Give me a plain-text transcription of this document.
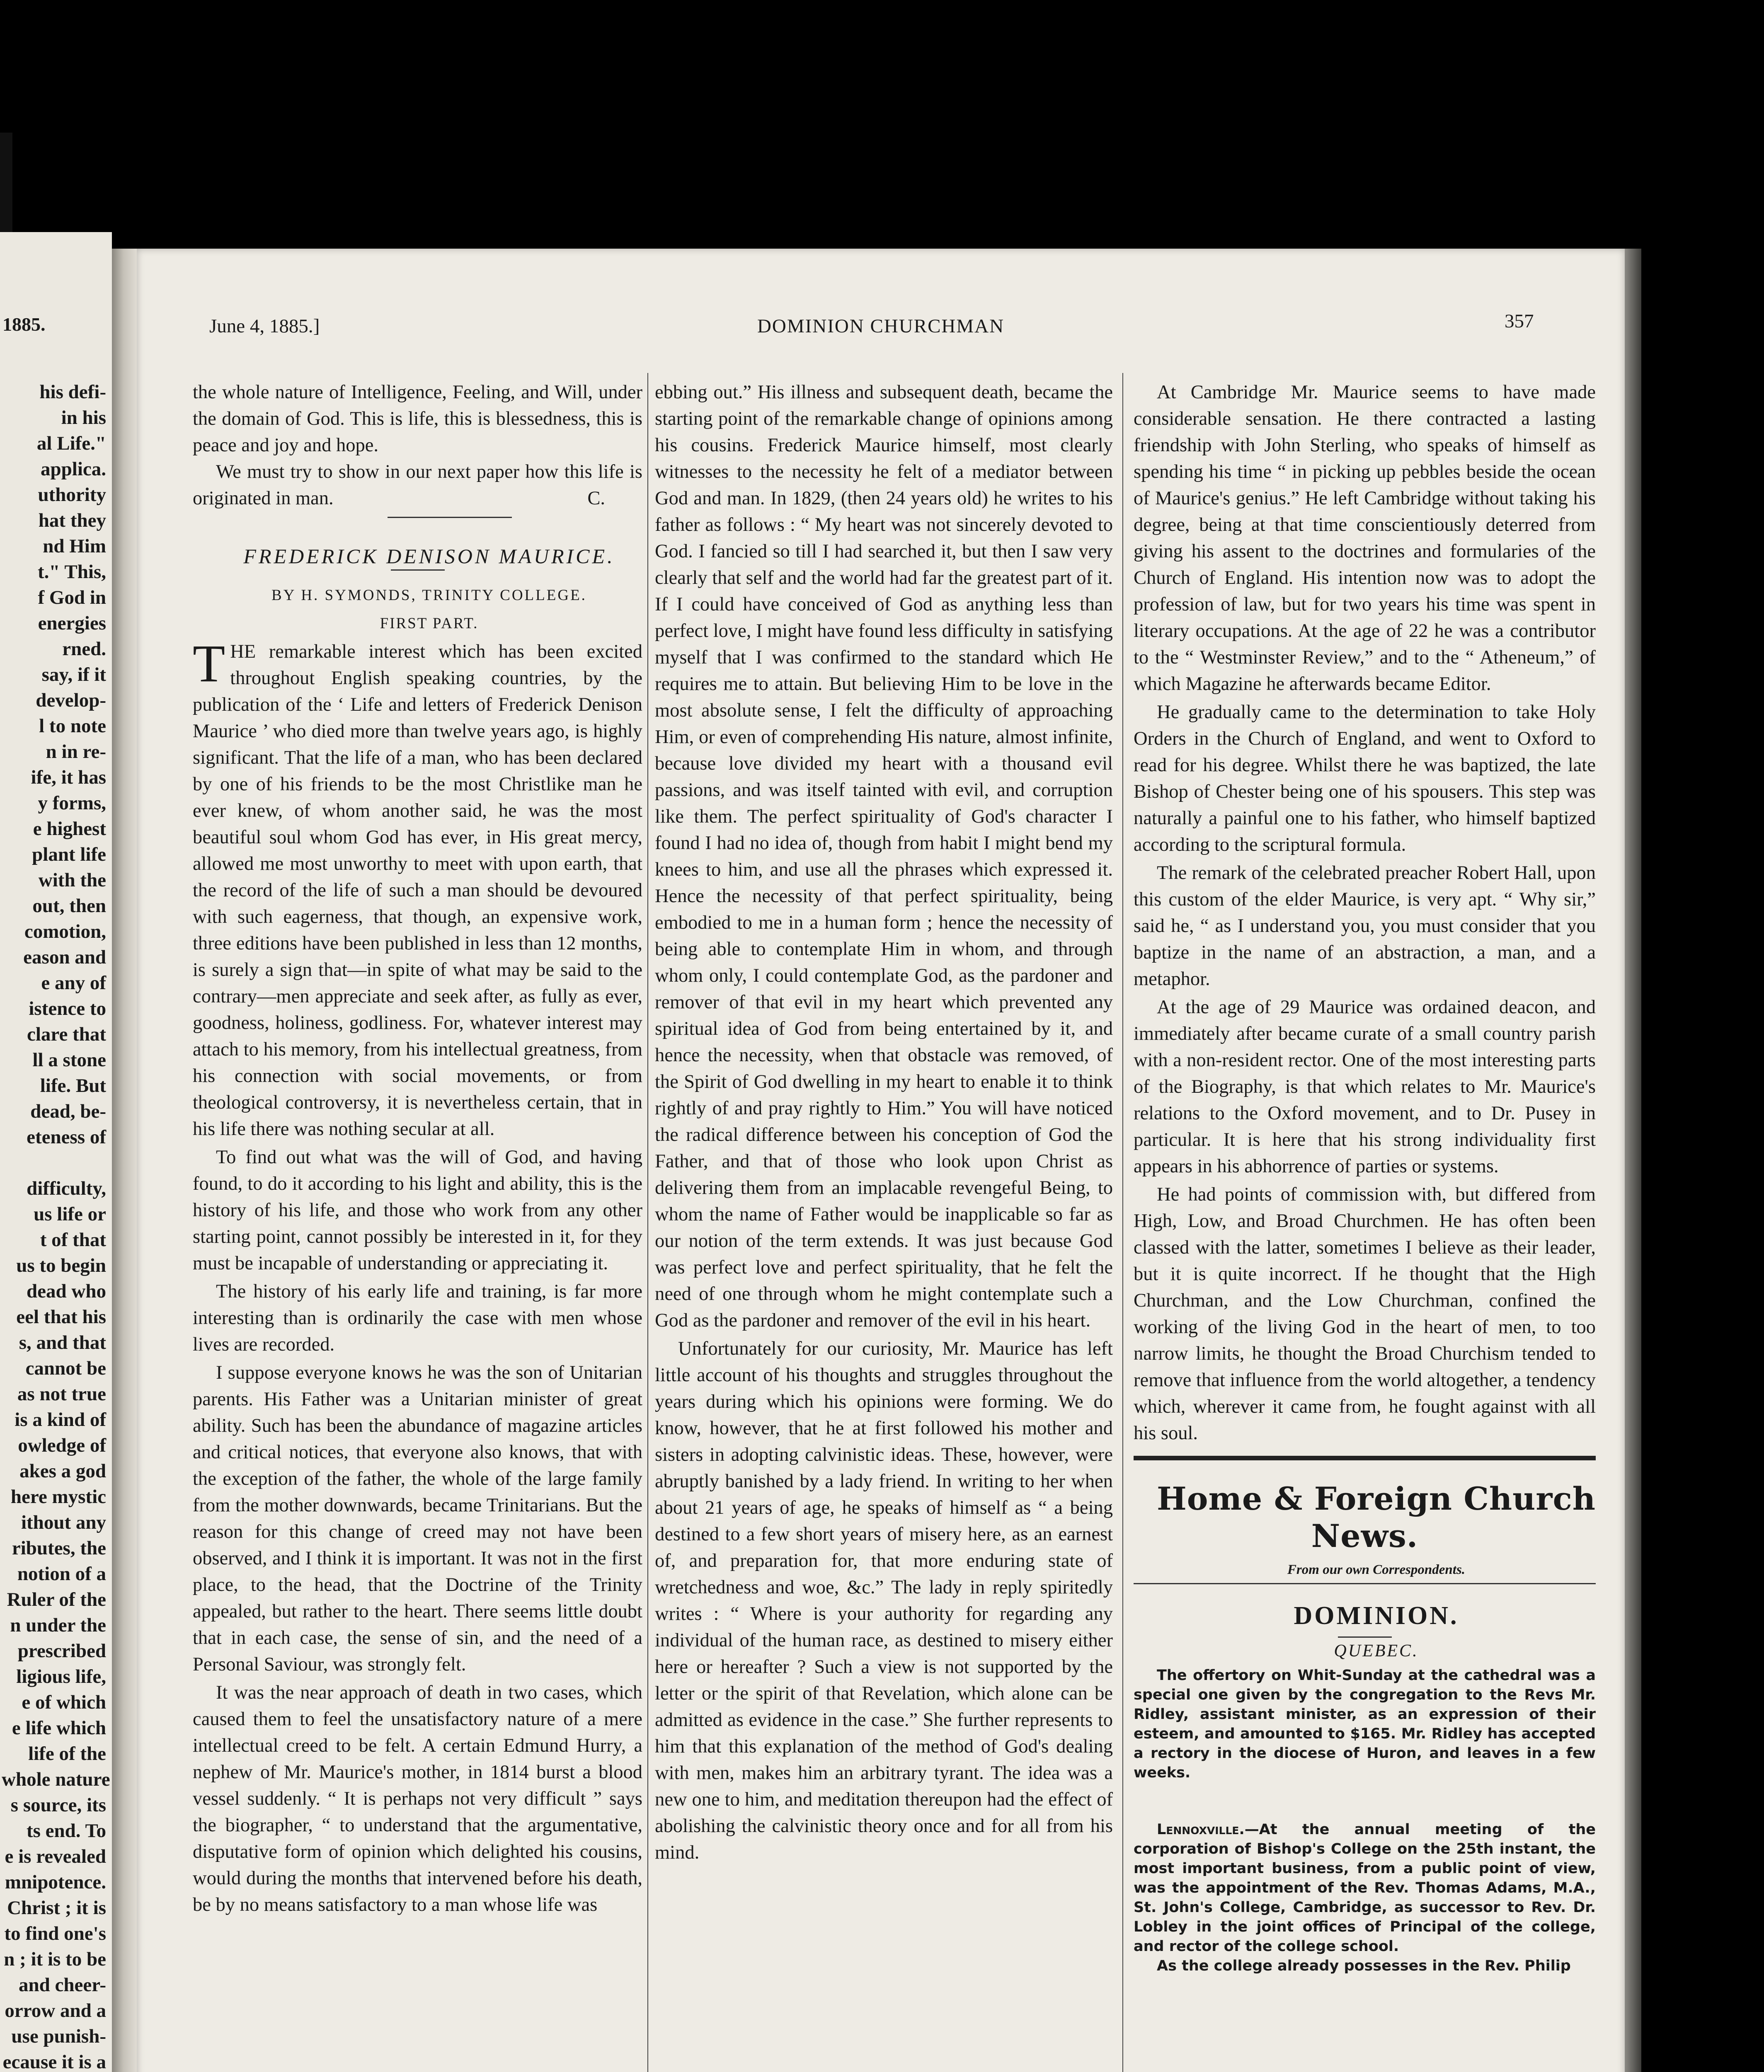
1885.
his defi-
in his
al Life."
applica.
uthority
hat they
nd Him
t." This,
f God in
energies
rned.
say, if it
develop-
l to note
n in re-
ife, it has
y forms,
e highest
plant life
with the
out, then
comotion,
eason and
e any of
istence to
clare that
ll a stone
life. But
dead, be-
eteness of

difficulty,
us life or
t of that
us to begin
dead who
eel that his
s, and that
cannot be
as not true
is a kind of
owledge of
akes a god
here mystic
ithout any
ributes, the
notion of a
Ruler of the
n under the
prescribed
ligious life,
e of which
e life which
life of the
whole nature
s source, its
ts end. To
e is revealed
mnipotence.
Christ ; it is
to find one's
n ; it is to be
and cheer-
orrow and a
use punish-
ecause it is a
June 4, 1885.]	DOMINION CHURCHMAN	357

the whole nature of Intelligence, Feeling, and Will, under the domain of God. This is life, this is blessedness, this is peace and joy and hope.

We must try to show in our next paper how this life is originated in man.	C.

FREDERICK DENISON MAURICE.

BY H. SYMONDS, TRINITY COLLEGE.

FIRST PART.

THE remarkable interest which has been excited throughout English speaking countries, by the publication of the ‘ Life and letters of Frederick Denison Maurice ’ who died more than twelve years ago, is highly significant. That the life of a man, who has been declared by one of his friends to be the most Christlike man he ever knew, of whom another said, he was the most beautiful soul whom God has ever, in His great mercy, allowed me most unworthy to meet with upon earth, that the record of the life of such a man should be devoured with such eagerness, that though, an expensive work, three editions have been published in less than 12 months, is surely a sign that—in spite of what may be said to the contrary—men appreciate and seek after, as fully as ever, goodness, holiness, godliness. For, whatever interest may attach to his memory, from his intellectual greatness, from his connection with social movements, or from theological controversy, it is nevertheless certain, that in his life there was nothing secular at all.

To find out what was the will of God, and having found, to do it according to his light and ability, this is the history of his life, and those who work from any other starting point, cannot possibly be interested in it, for they must be incapable of understanding or appreciating it.

The history of his early life and training, is far more interesting than is ordinarily the case with men whose lives are recorded.

I suppose everyone knows he was the son of Unitarian parents. His Father was a Unitarian minister of great ability. Such has been the abundance of magazine articles and critical notices, that everyone also knows, that with the exception of the father, the whole of the large family from the mother downwards, became Trinitarians. But the reason for this change of creed may not have been observed, and I think it is important. It was not in the first place, to the head, that the Doctrine of the Trinity appealed, but rather to the heart. There seems little doubt that in each case, the sense of sin, and the need of a Personal Saviour, was strongly felt.

It was the near approach of death in two cases, which caused them to feel the unsatisfactory nature of a mere intellectual creed to be felt. A certain Edmund Hurry, a nephew of Mr. Maurice's mother, in 1814 burst a blood vessel suddenly. “ It is perhaps not very difficult ” says the biographer, “ to understand that the argumentative, disputative form of opinion which delighted his cousins, would during the months that intervened before his death, be by no means satisfactory to a man whose life was

ebbing out.” His illness and subsequent death, became the starting point of the remarkable change of opinions among his cousins. Frederick Maurice himself, most clearly witnesses to the necessity he felt of a mediator between God and man. In 1829, (then 24 years old) he writes to his father as follows : “ My heart was not sincerely devoted to God. I fancied so till I had searched it, but then I saw very clearly that self and the world had far the greatest part of it. If I could have conceived of God as anything less than perfect love, I might have found less difficulty in satisfying myself that I was confirmed to the standard which He requires me to attain. But believing Him to be love in the most absolute sense, I felt the difficulty of approaching Him, or even of comprehending His nature, almost infinite, because love divided my heart with a thousand evil passions, and was itself tainted with evil, and corruption like them. The perfect spirituality of God's character I found I had no idea of, though from habit I might bend my knees to him, and use all the phrases which expressed it. Hence the necessity of that perfect spirituality, being embodied to me in a human form ; hence the necessity of being able to contemplate Him in whom, and through whom only, I could contemplate God, as the pardoner and remover of that evil in my heart which prevented any spiritual idea of God from being entertained by it, and hence the necessity, when that obstacle was removed, of the Spirit of God dwelling in my heart to enable it to think rightly of and pray rightly to Him.” You will have noticed the radical difference between his conception of God the Father, and that of those who look upon Christ as delivering them from an implacable revengeful Being, to whom the name of Father would be inapplicable so far as our notion of the term extends. It was just because God was perfect love and perfect spirituality, that he felt the need of one through whom he might contemplate such a God as the pardoner and remover of the evil in his heart.

Unfortunately for our curiosity, Mr. Maurice has left little account of his thoughts and struggles throughout the years during which his opinions were forming. We do know, however, that he at first followed his mother and sisters in adopting calvinistic ideas. These, however, were abruptly banished by a lady friend. In writing to her when about 21 years of age, he speaks of himself as “ a being destined to a few short years of misery here, as an earnest of, and preparation for, that more enduring state of wretchedness and woe, &c.” The lady in reply spiritedly writes : “ Where is your authority for regarding any individual of the human race, as destined to misery either here or hereafter ? Such a view is not supported by the letter or the spirit of that Revelation, which alone can be admitted as evidence in the case.” She further represents to him that this explanation of the method of God's dealing with men, makes him an arbitrary tyrant. The idea was a new one to him, and meditation thereupon had the effect of abolishing the calvinistic theory once and for all from his mind.

At Cambridge Mr. Maurice seems to have made considerable sensation. He there contracted a lasting friendship with John Sterling, who speaks of himself as spending his time “ in picking up pebbles beside the ocean of Maurice's genius.” He left Cambridge without taking his degree, being at that time conscientiously deterred from giving his assent to the doctrines and formularies of the Church of England. His intention now was to adopt the profession of law, but for two years his time was spent in literary occupations. At the age of 22 he was a contributor to the “ Westminster Review,” and to the “ Atheneum,” of which Magazine he afterwards became Editor.

He gradually came to the determination to take Holy Orders in the Church of England, and went to Oxford to read for his degree. Whilst there he was baptized, the late Bishop of Chester being one of his spousers. This step was naturally a painful one to his father, who himself baptized according to the scriptural formula.

The remark of the celebrated preacher Robert Hall, upon this custom of the elder Maurice, is very apt. “ Why sir,” said he, “ as I understand you, you must consider that you baptize in the name of an abstraction, a man, and a metaphor.

At the age of 29 Maurice was ordained deacon, and immediately after became curate of a small country parish with a non-resident rector. One of the most interesting parts of the Biography, is that which relates to Mr. Maurice's relations to the Oxford movement, and to Dr. Pusey in particular. It is here that his strong individuality first appears in his abhorrence of parties or systems.

He had points of commission with, but differed from High, Low, and Broad Churchmen. He has often been classed with the latter, sometimes I believe as their leader, but it is quite incorrect. If he thought that the High Churchman, and the Low Churchman, confined the working of the living God in the heart of men, to too narrow limits, he thought the Broad Churchism tended to remove that influence from the world altogether, a tendency which, wherever it came from, he fought against with all his soul.

Home & Foreign Church News.

From our own Correspondents.

DOMINION.

QUEBEC.

The offertory on Whit-Sunday at the cathedral was a special one given by the congregation to the Revs Mr. Ridley, assistant minister, as an expression of their esteem, and amounted to $165. Mr. Ridley has accepted a rectory in the diocese of Huron, and leaves in a few weeks.

Lennoxville.—At the annual meeting of the corporation of Bishop's College on the 25th instant, the most important business, from a public point of view, was the appointment of the Rev. Thomas Adams, M.A., St. John's College, Cambridge, as successor to Rev. Dr. Lobley in the joint offices of Principal of the college, and rector of the college school.

As the college already possesses in the Rev. Philip
